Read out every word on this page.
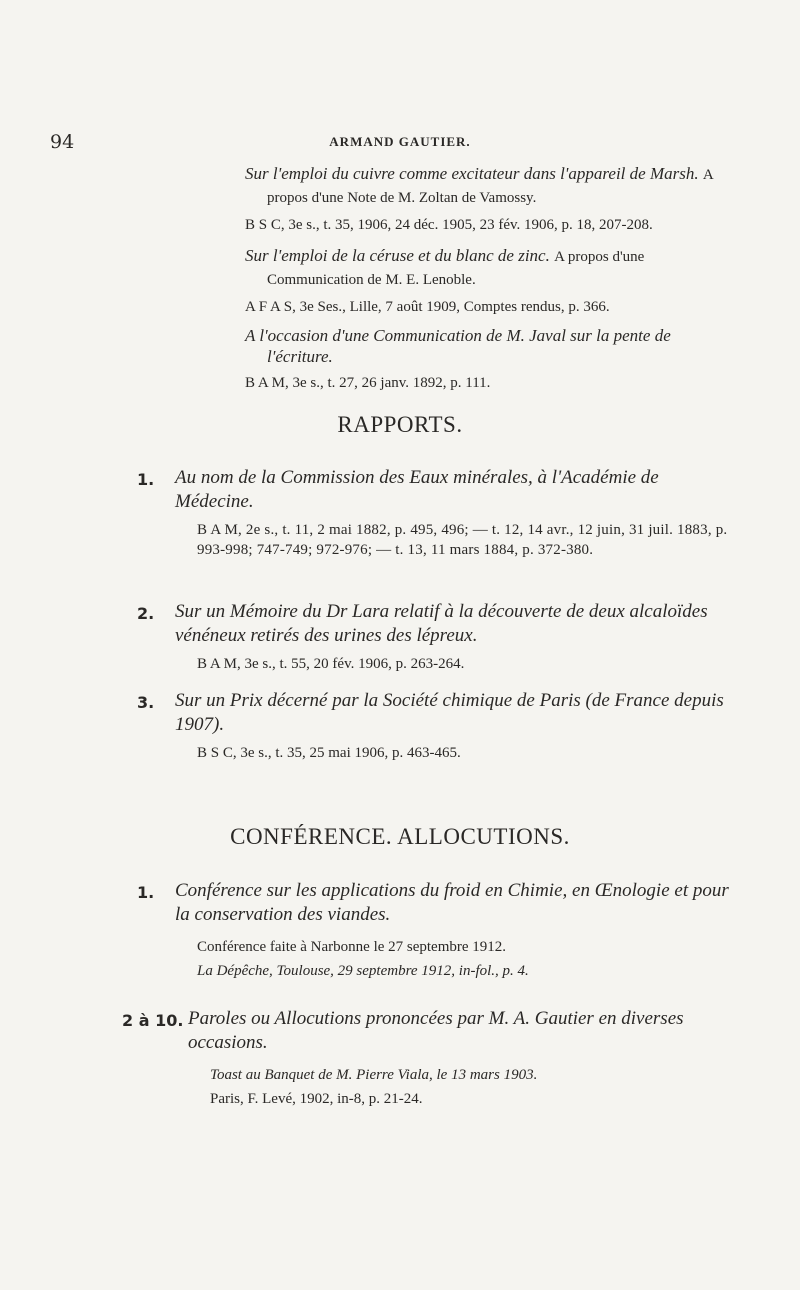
94	ARMAND GAUTIER.
Sur l'emploi du cuivre comme excitateur dans l'appareil de Marsh. A propos d'une Note de M. Zoltan de Vamossy.
B S C, 3e s., t. 35, 1906, 24 déc. 1905, 23 fév. 1906, p. 18, 207-208.
Sur l'emploi de la céruse et du blanc de zinc. A propos d'une Communication de M. E. Lenoble.
A F A S, 3e Ses., Lille, 7 août 1909, Comptes rendus, p. 366.
A l'occasion d'une Communication de M. Javal sur la pente de l'écriture.
B A M, 3e s., t. 27, 26 janv. 1892, p. 111.
RAPPORTS.
1. Au nom de la Commission des Eaux minérales, à l'Académie de Médecine.
B A M, 2e s., t. 11, 2 mai 1882, p. 495, 496; — t. 12, 14 avr., 12 juin, 31 juil. 1883, p. 993-998; 747-749; 972-976; — t. 13, 11 mars 1884, p. 372-380.
2. Sur un Mémoire du Dr Lara relatif à la découverte de deux alcaloïdes vénéneux retirés des urines des lépreux.
B A M, 3e s., t. 55, 20 fév. 1906, p. 263-264.
3. Sur un Prix décerné par la Société chimique de Paris (de France depuis 1907).
B S C, 3e s., t. 35, 25 mai 1906, p. 463-465.
CONFÉRENCE. ALLOCUTIONS.
1. Conférence sur les applications du froid en Chimie, en Œnologie et pour la conservation des viandes.
Conférence faite à Narbonne le 27 septembre 1912.
La Dépêche, Toulouse, 29 septembre 1912, in-fol., p. 4.
2 à 10. Paroles ou Allocutions prononcées par M. A. Gautier en diverses occasions.
Toast au Banquet de M. Pierre Viala, le 13 mars 1903.
Paris, F. Levé, 1902, in-8, p. 21-24.
